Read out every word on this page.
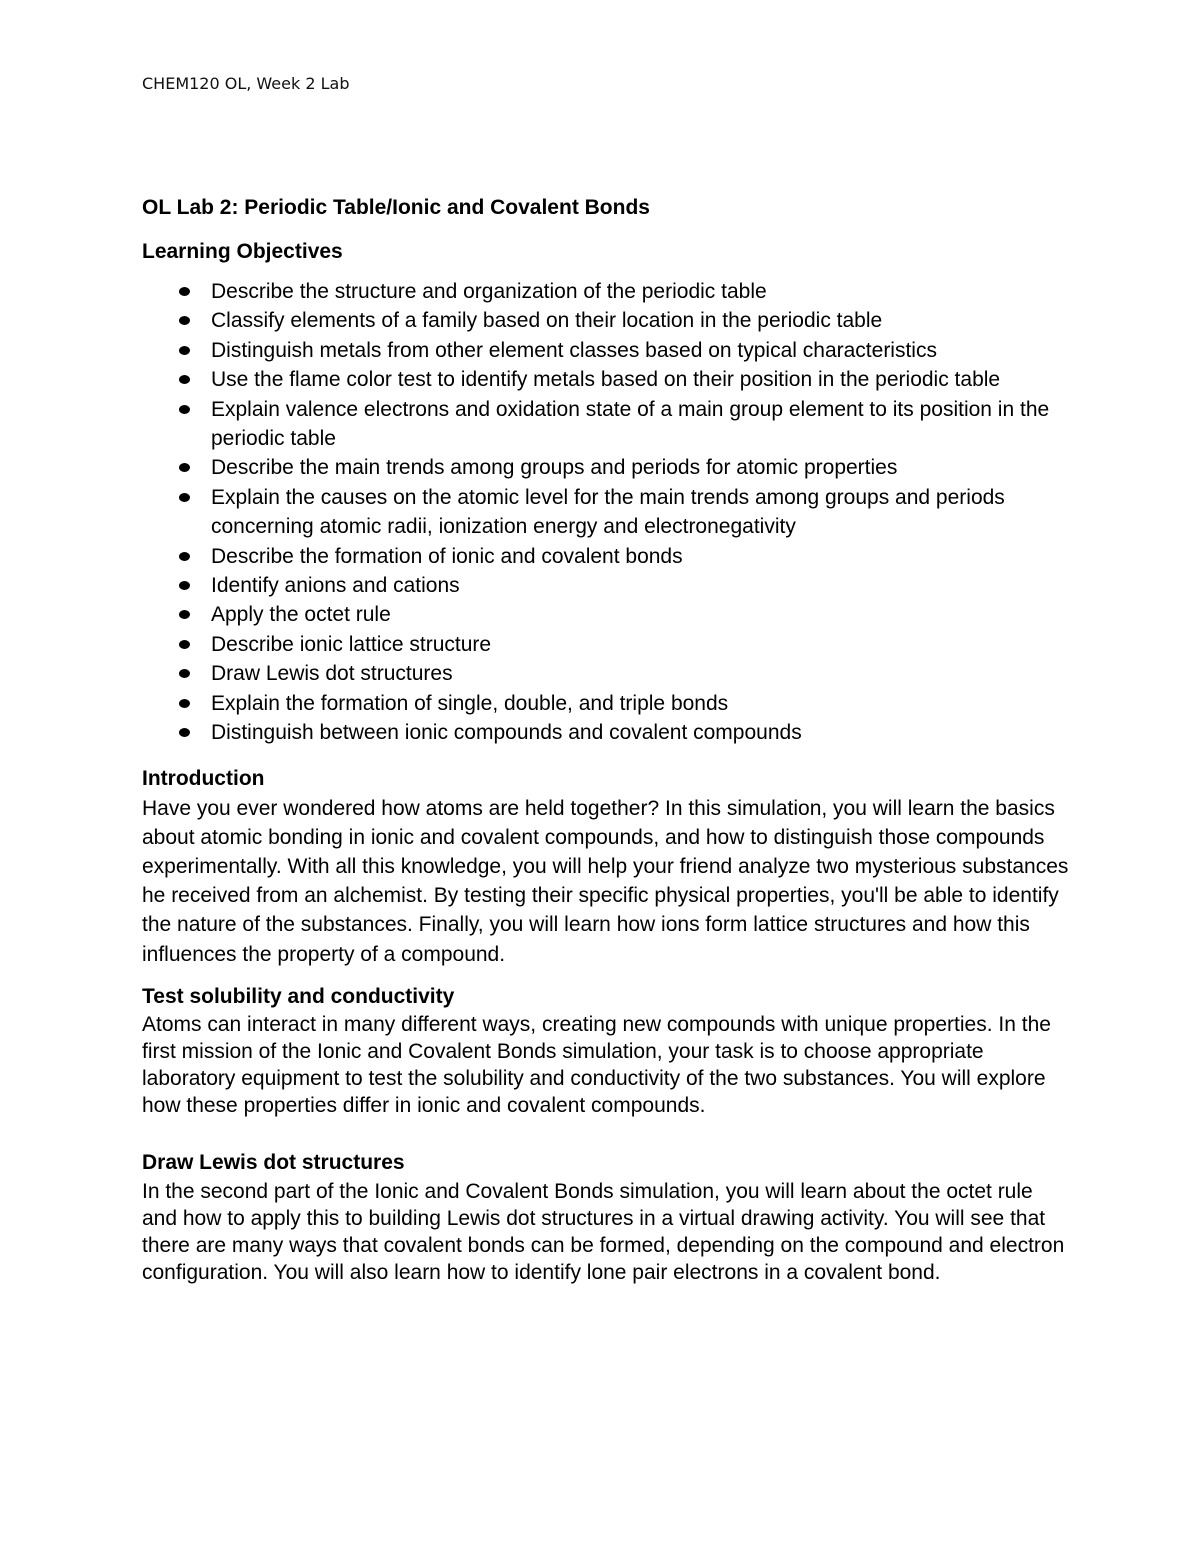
CHEM120 OL, Week 2 Lab
OL Lab 2: Periodic Table/Ionic and Covalent Bonds
Learning Objectives
Describe the structure and organization of the periodic table
Classify elements of a family based on their location in the periodic table
Distinguish metals from other element classes based on typical characteristics
Use the flame color test to identify metals based on their position in the periodic table
Explain valence electrons and oxidation state of a main group element to its position in the periodic table
Describe the main trends among groups and periods for atomic properties
Explain the causes on the atomic level for the main trends among groups and periods concerning atomic radii, ionization energy and electronegativity
Describe the formation of ionic and covalent bonds
Identify anions and cations
Apply the octet rule
Describe ionic lattice structure
Draw Lewis dot structures
Explain the formation of single, double, and triple bonds
Distinguish between ionic compounds and covalent compounds
Introduction

Have you ever wondered how atoms are held together? In this simulation, you will learn the basics about atomic bonding in ionic and covalent compounds, and how to distinguish those compounds experimentally. With all this knowledge, you will help your friend analyze two mysterious substances he received from an alchemist. By testing their specific physical properties, you'll be able to identify the nature of the substances. Finally, you will learn how ions form lattice structures and how this influences the property of a compound.

Test solubility and conductivity

Atoms can interact in many different ways, creating new compounds with unique properties. In the first mission of the Ionic and Covalent Bonds simulation, your task is to choose appropriate laboratory equipment to test the solubility and conductivity of the two substances. You will explore how these properties differ in ionic and covalent compounds.

Draw Lewis dot structures

In the second part of the Ionic and Covalent Bonds simulation, you will learn about the octet rule and how to apply this to building Lewis dot structures in a virtual drawing activity. You will see that there are many ways that covalent bonds can be formed, depending on the compound and electron configuration. You will also learn how to identify lone pair electrons in a covalent bond.
